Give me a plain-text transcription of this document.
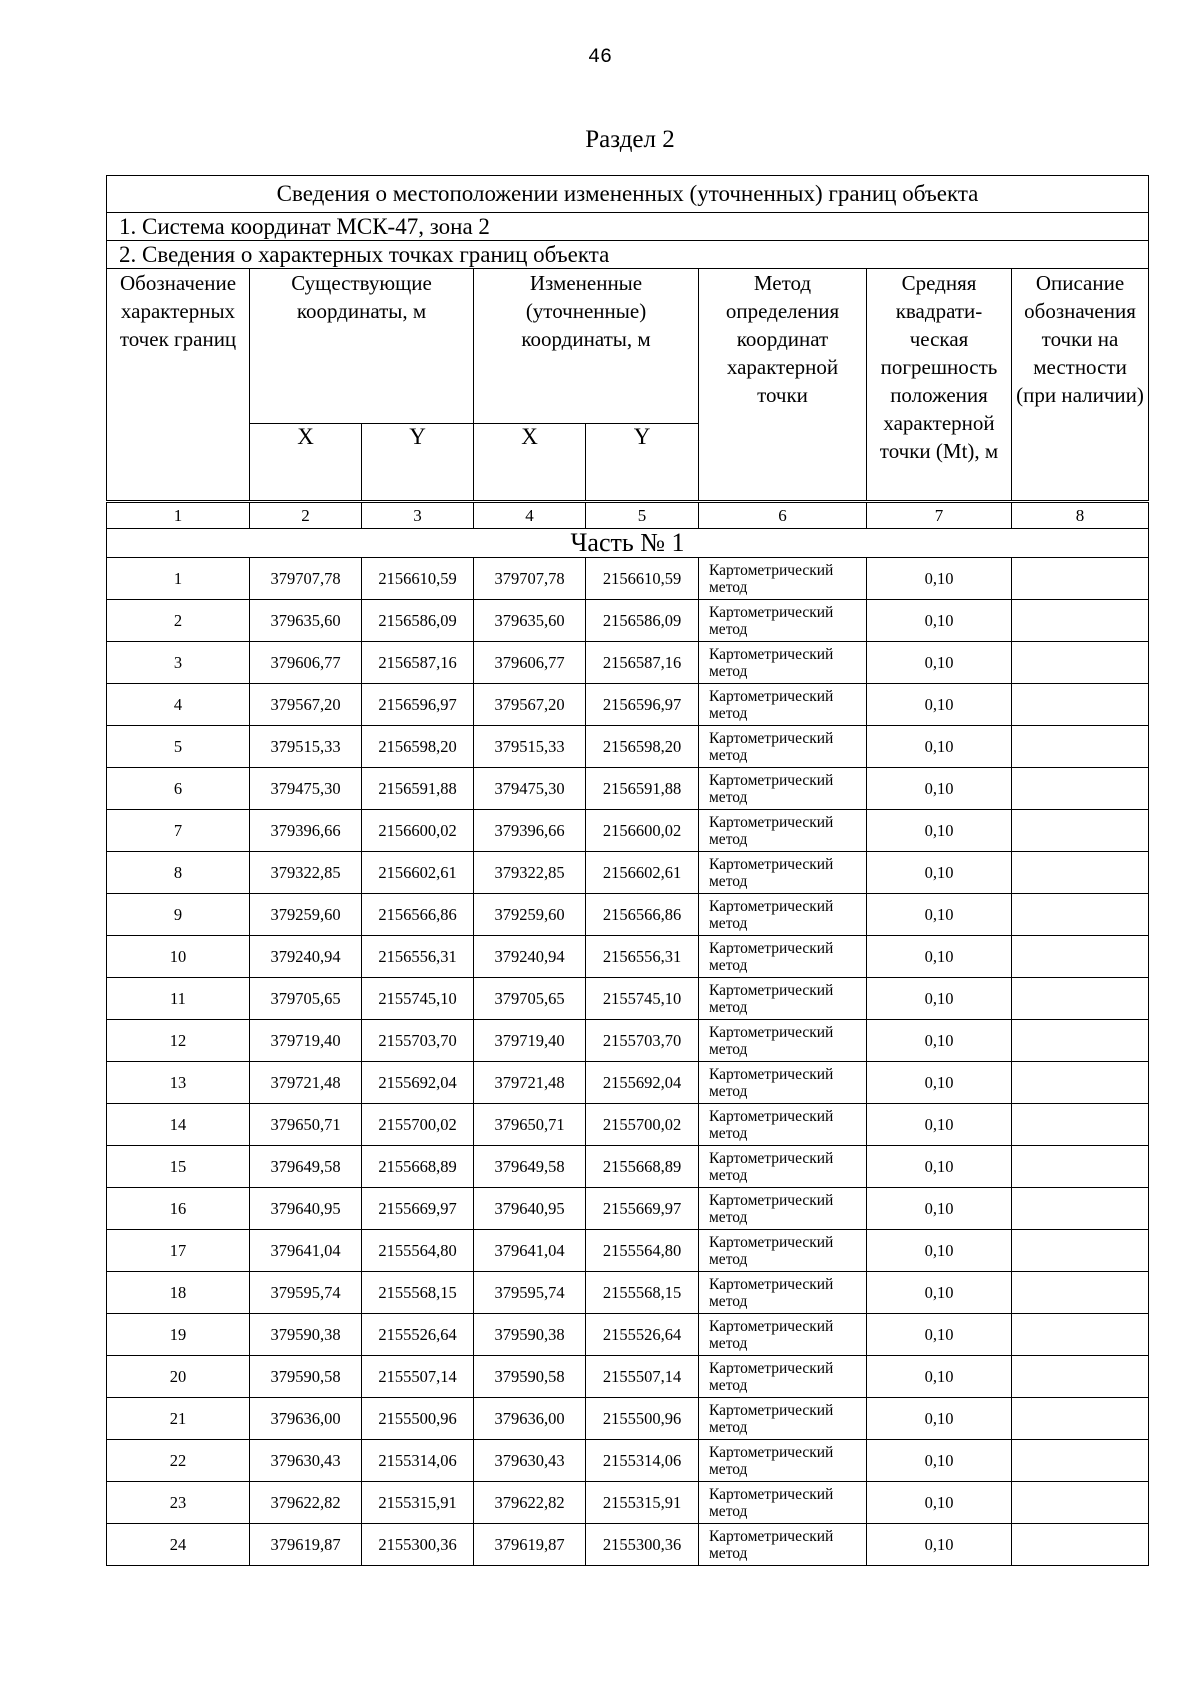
46
Раздел 2
Сведения о местоположении измененных (уточненных) границ объекта							
1. Система координат МСК-47, зона 2							
2. Сведения о характерных точках границ объекта							
Обозначение характерных точек границ	Существующие координаты, м		Измененные (уточненные) координаты, м		Метод определения координат характерной точки	Средняя квадрати-ческая погрешность положения характерной точки (Mt), м	Описание обозначения точки на местности (при наличии)
	X	Y	X	Y			
1	2	3	4	5	6	7	8
Часть № 1							
1	379707,78	2156610,59	379707,78	2156610,59	Картометрический метод	0,10	
2	379635,60	2156586,09	379635,60	2156586,09	Картометрический метод	0,10	
3	379606,77	2156587,16	379606,77	2156587,16	Картометрический метод	0,10	
4	379567,20	2156596,97	379567,20	2156596,97	Картометрический метод	0,10	
5	379515,33	2156598,20	379515,33	2156598,20	Картометрический метод	0,10	
6	379475,30	2156591,88	379475,30	2156591,88	Картометрический метод	0,10	
7	379396,66	2156600,02	379396,66	2156600,02	Картометрический метод	0,10	
8	379322,85	2156602,61	379322,85	2156602,61	Картометрический метод	0,10	
9	379259,60	2156566,86	379259,60	2156566,86	Картометрический метод	0,10	
10	379240,94	2156556,31	379240,94	2156556,31	Картометрический метод	0,10	
11	379705,65	2155745,10	379705,65	2155745,10	Картометрический метод	0,10	
12	379719,40	2155703,70	379719,40	2155703,70	Картометрический метод	0,10	
13	379721,48	2155692,04	379721,48	2155692,04	Картометрический метод	0,10	
14	379650,71	2155700,02	379650,71	2155700,02	Картометрический метод	0,10	
15	379649,58	2155668,89	379649,58	2155668,89	Картометрический метод	0,10	
16	379640,95	2155669,97	379640,95	2155669,97	Картометрический метод	0,10	
17	379641,04	2155564,80	379641,04	2155564,80	Картометрический метод	0,10	
18	379595,74	2155568,15	379595,74	2155568,15	Картометрический метод	0,10	
19	379590,38	2155526,64	379590,38	2155526,64	Картометрический метод	0,10	
20	379590,58	2155507,14	379590,58	2155507,14	Картометрический метод	0,10	
21	379636,00	2155500,96	379636,00	2155500,96	Картометрический метод	0,10	
22	379630,43	2155314,06	379630,43	2155314,06	Картометрический метод	0,10	
23	379622,82	2155315,91	379622,82	2155315,91	Картометрический метод	0,10	
24	379619,87	2155300,36	379619,87	2155300,36	Картометрический метод	0,10	
